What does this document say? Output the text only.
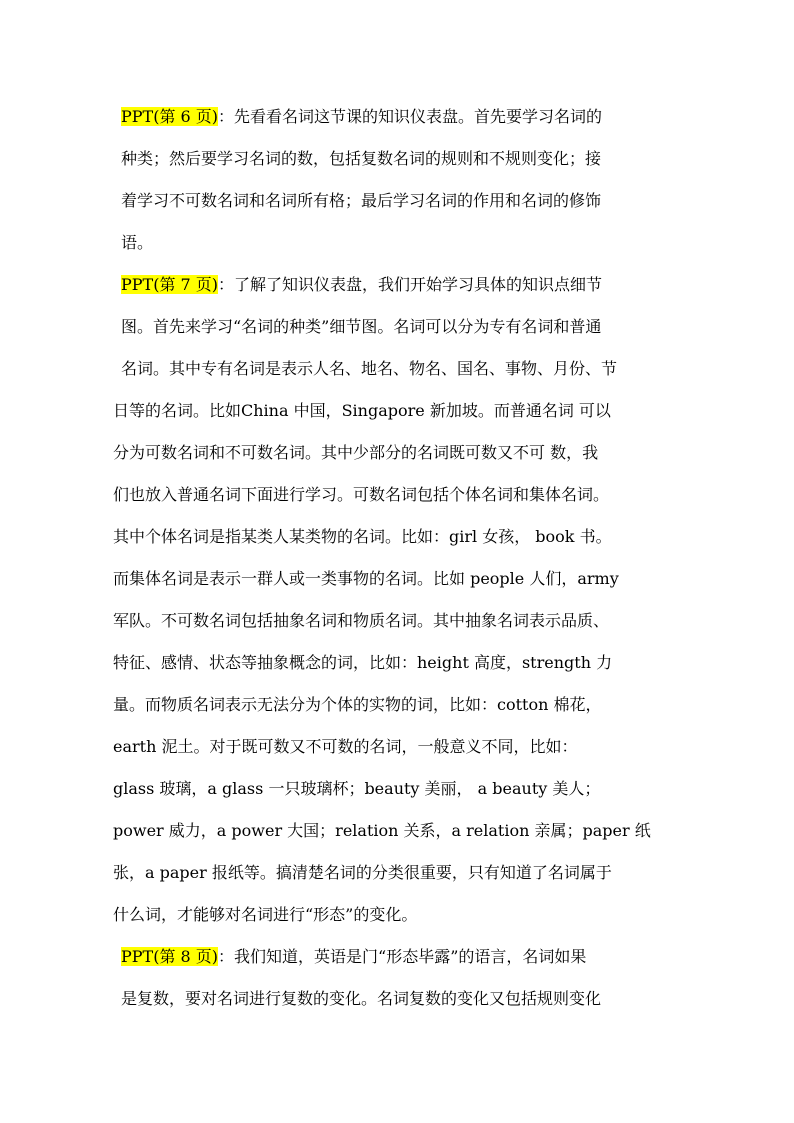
PPT(第 6 页)：先看看名词这节课的知识仪表盘。首先要学习名词的
种类；然后要学习名词的数，包括复数名词的规则和不规则变化；接
着学习不可数名词和名词所有格；最后学习名词的作用和名词的修饰
语。
PPT(第 7 页)：了解了知识仪表盘，我们开始学习具体的知识点细节
图。首先来学习“名词的种类”细节图。名词可以分为专有名词和普通
名词。其中专有名词是表示人名、地名、物名、国名、事物、月份、节
日等的名词。比如China 中国，Singapore 新加坡。而普通名词 可以
分为可数名词和不可数名词。其中少部分的名词既可数又不可 数，我
们也放入普通名词下面进行学习。可数名词包括个体名词和集体名词。
其中个体名词是指某类人某类物的名词。比如：girl 女孩， book 书。
而集体名词是表示一群人或一类事物的名词。比如 people 人们，army
军队。不可数名词包括抽象名词和物质名词。其中抽象名词表示品质、
特征、感情、状态等抽象概念的词，比如：height 高度，strength 力
量。而物质名词表示无法分为个体的实物的词，比如：cotton 棉花，
earth 泥土。对于既可数又不可数的名词，一般意义不同，比如：
glass 玻璃，a glass 一只玻璃杯；beauty 美丽， a beauty 美人；
power 威力，a power 大国；relation 关系，a relation 亲属；paper 纸
张，a paper 报纸等。搞清楚名词的分类很重要，只有知道了名词属于
什么词，才能够对名词进行“形态”的变化。
PPT(第 8 页)：我们知道，英语是门“形态毕露”的语言，名词如果
是复数，要对名词进行复数的变化。名词复数的变化又包括规则变化
